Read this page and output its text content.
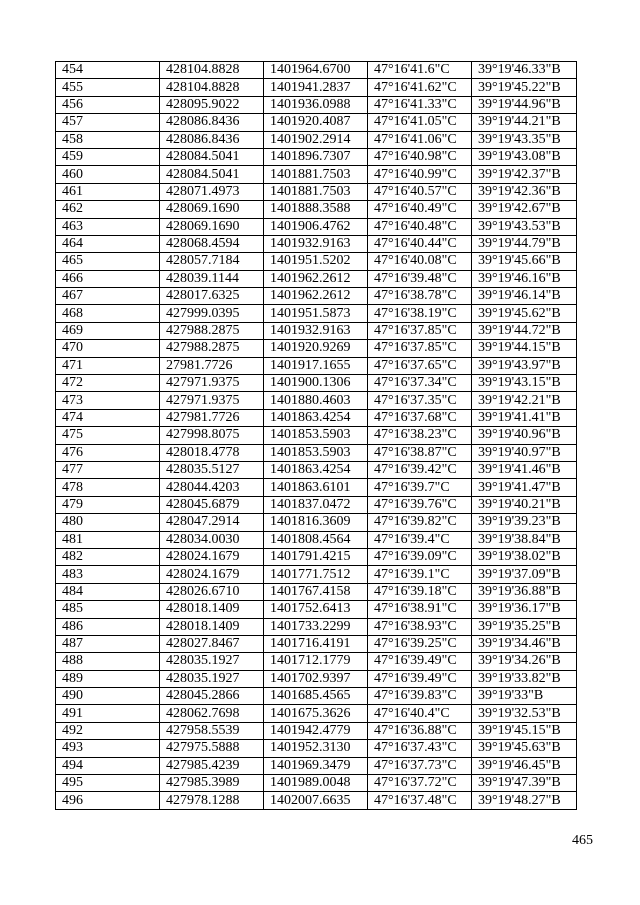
454	428104.8828	1401964.6700	47°16'41.6"С	39°19'46.33"В
455	428104.8828	1401941.2837	47°16'41.62"С	39°19'45.22"В
456	428095.9022	1401936.0988	47°16'41.33"С	39°19'44.96"В
457	428086.8436	1401920.4087	47°16'41.05"С	39°19'44.21"В
458	428086.8436	1401902.2914	47°16'41.06"С	39°19'43.35"В
459	428084.5041	1401896.7307	47°16'40.98"С	39°19'43.08"В
460	428084.5041	1401881.7503	47°16'40.99"С	39°19'42.37"В
461	428071.4973	1401881.7503	47°16'40.57"С	39°19'42.36"В
462	428069.1690	1401888.3588	47°16'40.49"С	39°19'42.67"В
463	428069.1690	1401906.4762	47°16'40.48"С	39°19'43.53"В
464	428068.4594	1401932.9163	47°16'40.44"С	39°19'44.79"В
465	428057.7184	1401951.5202	47°16'40.08"С	39°19'45.66"В
466	428039.1144	1401962.2612	47°16'39.48"С	39°19'46.16"В
467	428017.6325	1401962.2612	47°16'38.78"С	39°19'46.14"В
468	427999.0395	1401951.5873	47°16'38.19"С	39°19'45.62"В
469	427988.2875	1401932.9163	47°16'37.85"С	39°19'44.72"В
470	427988.2875	1401920.9269	47°16'37.85"С	39°19'44.15"В
471	27981.7726	1401917.1655	47°16'37.65"С	39°19'43.97"В
472	427971.9375	1401900.1306	47°16'37.34"С	39°19'43.15"В
473	427971.9375	1401880.4603	47°16'37.35"С	39°19'42.21"В
474	427981.7726	1401863.4254	47°16'37.68"С	39°19'41.41"В
475	427998.8075	1401853.5903	47°16'38.23"С	39°19'40.96"В
476	428018.4778	1401853.5903	47°16'38.87"С	39°19'40.97"В
477	428035.5127	1401863.4254	47°16'39.42"С	39°19'41.46"В
478	428044.4203	1401863.6101	47°16'39.7"С	39°19'41.47"В
479	428045.6879	1401837.0472	47°16'39.76"С	39°19'40.21"В
480	428047.2914	1401816.3609	47°16'39.82"С	39°19'39.23"В
481	428034.0030	1401808.4564	47°16'39.4"С	39°19'38.84"В
482	428024.1679	1401791.4215	47°16'39.09"С	39°19'38.02"В
483	428024.1679	1401771.7512	47°16'39.1"С	39°19'37.09"В
484	428026.6710	1401767.4158	47°16'39.18"С	39°19'36.88"В
485	428018.1409	1401752.6413	47°16'38.91"С	39°19'36.17"В
486	428018.1409	1401733.2299	47°16'38.93"С	39°19'35.25"В
487	428027.8467	1401716.4191	47°16'39.25"С	39°19'34.46"В
488	428035.1927	1401712.1779	47°16'39.49"С	39°19'34.26"В
489	428035.1927	1401702.9397	47°16'39.49"С	39°19'33.82"В
490	428045.2866	1401685.4565	47°16'39.83"С	39°19'33"В
491	428062.7698	1401675.3626	47°16'40.4"С	39°19'32.53"В
492	427958.5539	1401942.4779	47°16'36.88"С	39°19'45.15"В
493	427975.5888	1401952.3130	47°16'37.43"С	39°19'45.63"В
494	427985.4239	1401969.3479	47°16'37.73"С	39°19'46.45"В
495	427985.3989	1401989.0048	47°16'37.72"С	39°19'47.39"В
496	427978.1288	1402007.6635	47°16'37.48"С	39°19'48.27"В
465
